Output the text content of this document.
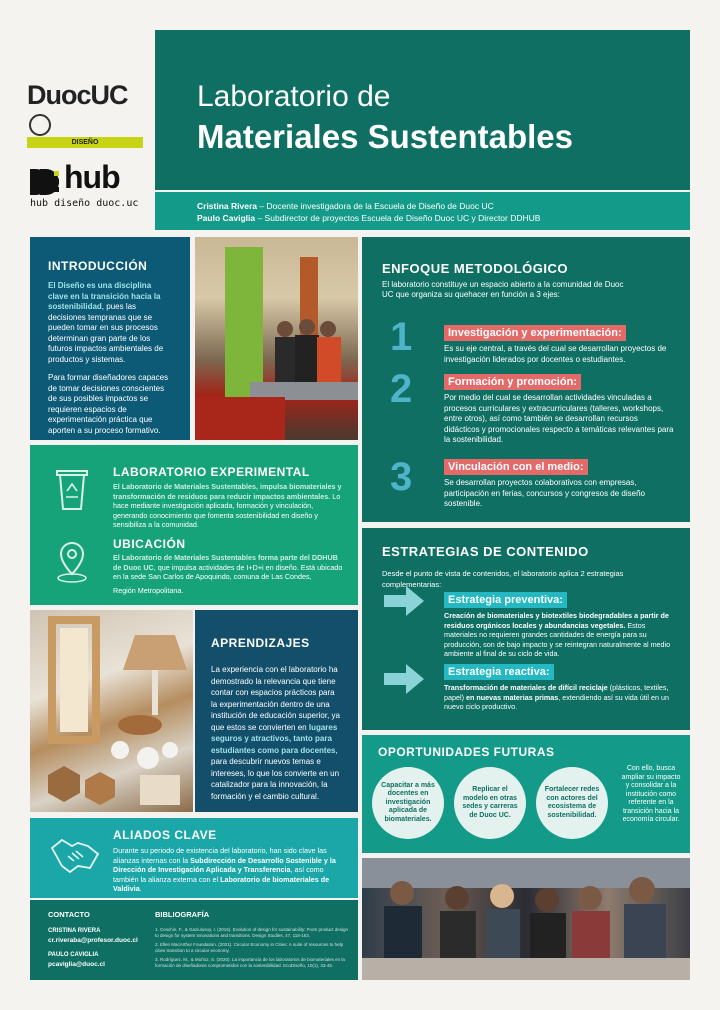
DuocUC
DISEÑO
hub
hub diseño duoc.uc
Laboratorio de
Materiales Sustentables
Cristina Rivera – Docente investigadora de la Escuela de Diseño de Duoc UC
Paulo Caviglia – Subdirector de proyectos Escuela de Diseño Duoc UC y Director DDHUB
INTRODUCCIÓN

El Diseño es una disciplina clave en la transición hacia la sostenibilidad, pues las decisiones tempranas que se pueden tomar en sus procesos determinan gran parte de los futuros impactos ambientales de productos y sistemas.

Para formar diseñadores capaces de tomar decisiones conscientes de sus posibles impactos se requieren espacios de experimentación práctica que aporten a su proceso formativo.

ENFOQUE METODOLÓGICO

El laboratorio constituye un espacio abierto a la comunidad de Duoc UC que organiza su quehacer en función a 3 ejes:

1	Investigación y experimentación:

Es su eje central, a través del cual se desarrollan proyectos de investigación liderados por docentes o estudiantes.

2	Formación y promoción:

Por medio del cual se desarrollan actividades vinculadas a procesos curriculares y extracurriculares (talleres, workshops, entre otros), así como también se desarrollan recursos didácticos y promocionales respecto a temáticas relevantes para la sostenibilidad.

3	Vinculación con el medio:

Se desarrollan proyectos colaborativos con empresas, participación en ferias, concursos y congresos de diseño sostenible.

ESTRATEGIAS DE CONTENIDO

Desde el punto de vista de contenidos, el laboratorio aplica 2 estrategias complementarias:

Estrategia preventiva:

Creación de biomateriales y biotextiles biodegradables a partir de residuos orgánicos locales y abundancias vegetales. Estos materiales no requieren grandes cantidades de energía para su producción, son de bajo impacto y se reintegran naturalmente al medio ambiente al final de su ciclo de vida.

Estrategia reactiva:

Transformación de materiales de difícil reciclaje (plásticos, textiles, papel) en nuevas materias primas, extendiendo así su vida útil en un nuevo ciclo productivo.

OPORTUNIDADES FUTURAS
Capacitar a más docentes en investigación aplicada de biomateriales.
Replicar el modelo en otras sedes y carreras de Duoc UC.
Fortalecer redes con actores del ecosistema de sostenibilidad.
Con ello, busca ampliar su impacto y consolidar a la institución como referente en la transición hacia la economía circular.
LABORATORIO EXPERIMENTAL

El Laboratorio de Materiales Sustentables, impulsa biomateriales y transformación de residuos para reducir impactos ambientales. Lo hace mediante investigación aplicada, formación y vinculación, generando conocimiento que fomenta sostenibilidad en diseño y sensibiliza a la comunidad.

UBICACIÓN

El Laboratorio de Materiales Sustentables forma parte del DDHUB de Duoc UC, que impulsa actividades de I+D+i en diseño. Está ubicado en la sede San Carlos de Apoquindo, comuna de Las Condes,

Región Metropolitana.

APRENDIZAJES

La experiencia con el laboratorio ha demostrado la relevancia que tiene contar con espacios prácticos para la experimentación dentro de una institución de educación superior, ya que estos se convierten en lugares seguros y atractivos, tanto para estudiantes como para docentes, para descubrir nuevos temas e intereses, lo que los convierte en un catalizador para la innovación, la formación y el cambio cultural.

ALIADOS CLAVE

Durante su periodo de existencia del laboratorio, han sido clave las alianzas internas con la Subdirección de Desarrollo Sostenible y la Dirección de Investigación Aplicada y Transferencia, así como también la alianza externa con el Laboratorio de biomateriales de Valdivia.

CONTACTO
CRISTINA RIVERA
cr.riveraba@profesor.duoc.cl
PAULO CAVIGLIA
pcaviglia@duoc.cl
BIBLIOGRAFÍA
1. Ceschin, F., & Gaziulusoy, I. (2016). Evolution of design for sustainability: From product design to design for system innovations and transitions. Design Studies, 47, 118-163.
2. Ellen MacArthur Foundation. (2021). Circular Economy in Cities: A suite of resources to help cities transition to a circular economy.
3. Rodríguez, M., & Muñoz, S. (2020). La importancia de los laboratorios de biomateriales en la formación de diseñadores comprometidos con la sostenibilidad. EcoDiseño, 10(1), 33-45.
